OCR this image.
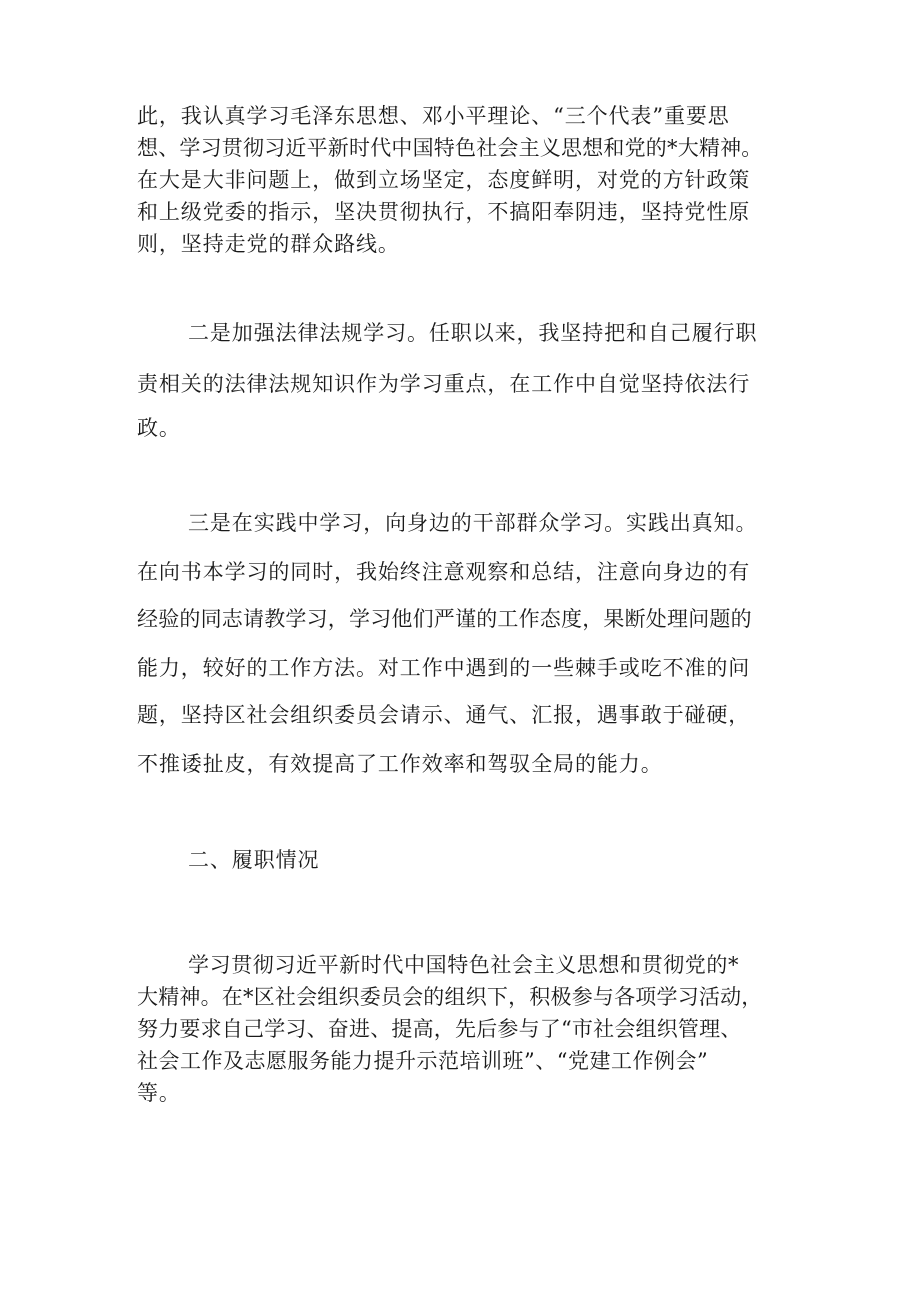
此，我认真学习毛泽东思想、邓小平理论、“三个代表”重要思

想、学习贯彻习近平新时代中国特色社会主义思想和党的*大精神。

在大是大非问题上，做到立场坚定，态度鲜明，对党的方针政策

和上级党委的指示，坚决贯彻执行，不搞阳奉阴违，坚持党性原

则，坚持走党的群众路线。

二是加强法律法规学习。任职以来，我坚持把和自己履行职

责相关的法律法规知识作为学习重点，在工作中自觉坚持依法行

政。

三是在实践中学习，向身边的干部群众学习。实践出真知。

在向书本学习的同时，我始终注意观察和总结，注意向身边的有

经验的同志请教学习，学习他们严谨的工作态度，果断处理问题的

能力，较好的工作方法。对工作中遇到的一些棘手或吃不准的问

题，坚持区社会组织委员会请示、通气、汇报，遇事敢于碰硬，

不推诿扯皮，有效提高了工作效率和驾驭全局的能力。

二、履职情况

学习贯彻习近平新时代中国特色社会主义思想和贯彻党的*

大精神。在*区社会组织委员会的组织下，积极参与各项学习活动，

努力要求自己学习、奋进、提高，先后参与了“市社会组织管理、

社会工作及志愿服务能力提升示范培训班”、“党建工作例会”

等。
